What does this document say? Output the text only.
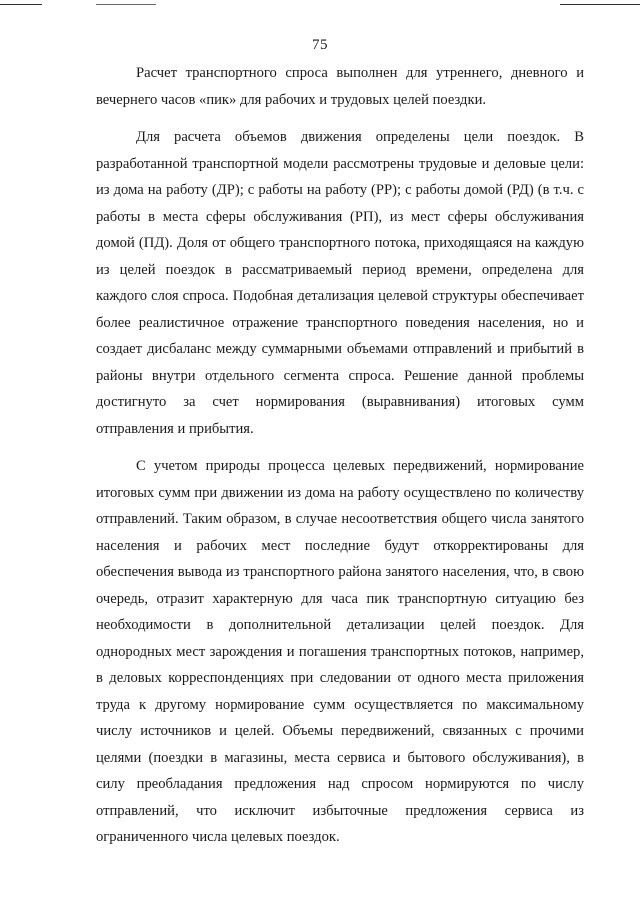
75

Расчет транспортного спроса выполнен для утреннего, дневного и вечернего часов «пик» для рабочих и трудовых целей поездки.

Для расчета объемов движения определены цели поездок. В разработанной транспортной модели рассмотрены трудовые и деловые цели: из дома на работу (ДР); с работы на работу (РР); с работы домой (РД) (в т.ч. с работы в места сферы обслуживания (РП), из мест сферы обслуживания домой (ПД). Доля от общего транспортного потока, приходящаяся на каждую из целей поездок в рассматриваемый период времени, определена для каждого слоя спроса. Подобная детализация целевой структуры обеспечивает более реалистичное отражение транспортного поведения населения, но и создает дисбаланс между суммарными объемами отправлений и прибытий в районы внутри отдельного сегмента спроса. Решение данной проблемы достигнуто за счет нормирования (выравнивания) итоговых сумм отправления и прибытия.

С учетом природы процесса целевых передвижений, нормирование итоговых сумм при движении из дома на работу осуществлено по количеству отправлений. Таким образом, в случае несоответствия общего числа занятого населения и рабочих мест последние будут откорректированы для обеспечения вывода из транспортного района занятого населения, что, в свою очередь, отразит характерную для часа пик транспортную ситуацию без необходимости в дополнительной детализации целей поездок. Для однородных мест зарождения и погашения транспортных потоков, например, в деловых корреспонденциях при следовании от одного места приложения труда к другому нормирование сумм осуществляется по максимальному числу источников и целей. Объемы передвижений, связанных с прочими целями (поездки в магазины, места сервиса и бытового обслуживания), в силу преобладания предложения над спросом нормируются по числу отправлений, что исключит избыточные предложения сервиса из ограниченного числа целевых поездок.
